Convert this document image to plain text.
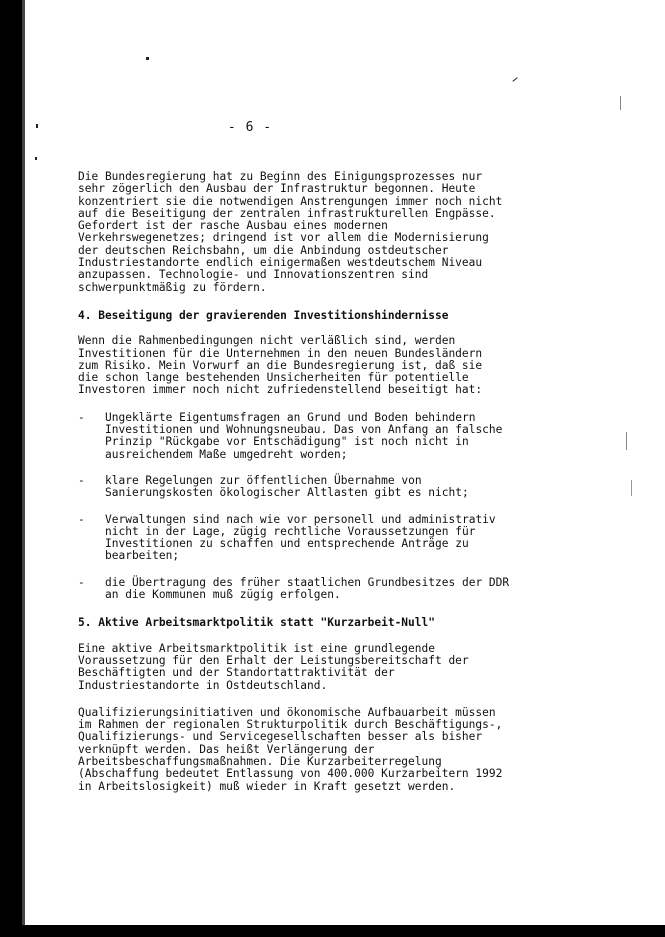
- 6 -

Die Bundesregierung hat zu Beginn des Einigungsprozesses nur
sehr zögerlich den Ausbau der Infrastruktur begonnen. Heute
konzentriert sie die notwendigen Anstrengungen immer noch nicht
auf die Beseitigung der zentralen infrastrukturellen Engpässe.
Gefordert ist der rasche Ausbau eines modernen
Verkehrswegenetzes; dringend ist vor allem die Modernisierung
der deutschen Reichsbahn, um die Anbindung ostdeutscher
Industriestandorte endlich einigermaßen westdeutschem Niveau
anzupassen. Technologie- und Innovationszentren sind
schwerpunktmäßig zu fördern.

4. Beseitigung der gravierenden Investitionshindernisse

Wenn die Rahmenbedingungen nicht verläßlich sind, werden
Investitionen für die Unternehmen in den neuen Bundesländern
zum Risiko. Mein Vorwurf an die Bundesregierung ist, daß sie
die schon lange bestehenden Unsicherheiten für potentielle
Investoren immer noch nicht zufriedenstellend beseitigt hat:

- Ungeklärte Eigentumsfragen an Grund und Boden behindern
Investitionen und Wohnungsneubau. Das von Anfang an falsche
Prinzip "Rückgabe vor Entschädigung" ist noch nicht in
ausreichendem Maße umgedreht worden;
- klare Regelungen zur öffentlichen Übernahme von
Sanierungskosten ökologischer Altlasten gibt es nicht;
- Verwaltungen sind nach wie vor personell und administrativ
nicht in der Lage, zügig rechtliche Voraussetzungen für
Investitionen zu schaffen und entsprechende Anträge zu
bearbeiten;
- die Übertragung des früher staatlichen Grundbesitzes der DDR
an die Kommunen muß zügig erfolgen.
5. Aktive Arbeitsmarktpolitik statt "Kurzarbeit-Null"

Eine aktive Arbeitsmarktpolitik ist eine grundlegende
Voraussetzung für den Erhalt der Leistungsbereitschaft der
Beschäftigten und der Standortattraktivität der
Industriestandorte in Ostdeutschland.

Qualifizierungsinitiativen und ökonomische Aufbauarbeit müssen
im Rahmen der regionalen Strukturpolitik durch Beschäftigungs-,
Qualifizierungs- und Servicegesellschaften besser als bisher
verknüpft werden. Das heißt Verlängerung der
Arbeitsbeschaffungsmaßnahmen. Die Kurzarbeiterregelung
(Abschaffung bedeutet Entlassung von 400.000 Kurzarbeitern 1992
in Arbeitslosigkeit) muß wieder in Kraft gesetzt werden.
